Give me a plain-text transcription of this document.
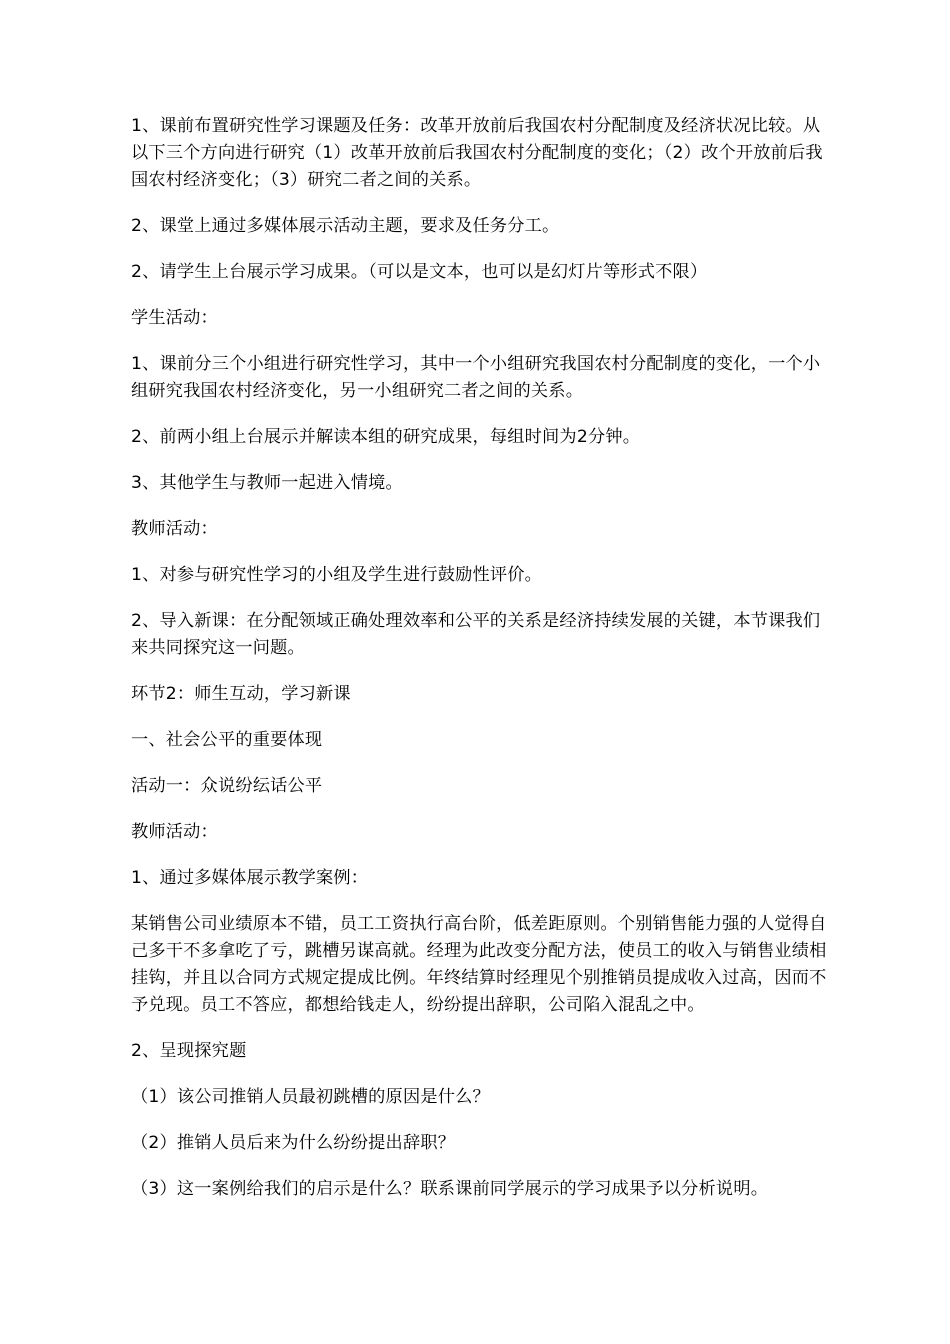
1、课前布置研究性学习课题及任务：改革开放前后我国农村分配制度及经济状况比较。从以下三个方向进行研究（1）改革开放前后我国农村分配制度的变化；（2）改个开放前后我国农村经济变化；（3）研究二者之间的关系。

2、课堂上通过多媒体展示活动主题，要求及任务分工。

2、请学生上台展示学习成果。（可以是文本，也可以是幻灯片等形式不限）

学生活动：

1、课前分三个小组进行研究性学习，其中一个小组研究我国农村分配制度的变化，一个小组研究我国农村经济变化，另一小组研究二者之间的关系。

2、前两小组上台展示并解读本组的研究成果，每组时间为2分钟。

3、其他学生与教师一起进入情境。

教师活动：

1、对参与研究性学习的小组及学生进行鼓励性评价。

2、导入新课：在分配领域正确处理效率和公平的关系是经济持续发展的关键，本节课我们来共同探究这一问题。

环节2：师生互动，学习新课

一、社会公平的重要体现

活动一：众说纷纭话公平

教师活动：

1、通过多媒体展示教学案例：

某销售公司业绩原本不错，员工工资执行高台阶，低差距原则。个别销售能力强的人觉得自己多干不多拿吃了亏，跳槽另谋高就。经理为此改变分配方法，使员工的收入与销售业绩相挂钩，并且以合同方式规定提成比例。年终结算时经理见个别推销员提成收入过高，因而不予兑现。员工不答应，都想给钱走人，纷纷提出辞职，公司陷入混乱之中。

2、呈现探究题

（1）该公司推销人员最初跳槽的原因是什么？

（2）推销人员后来为什么纷纷提出辞职？

（3）这一案例给我们的启示是什么？联系课前同学展示的学习成果予以分析说明。
